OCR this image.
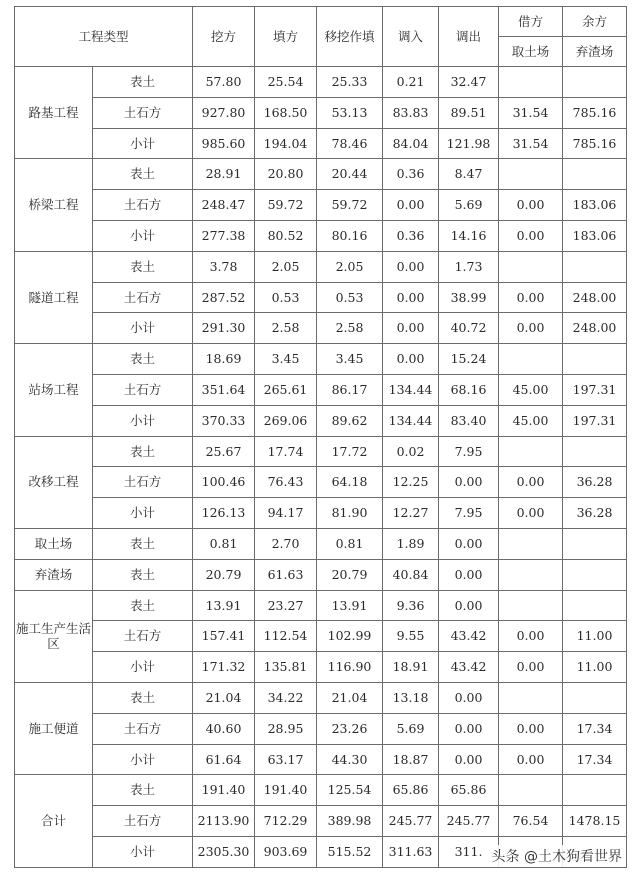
工程类型		挖方	填方	移挖作填	调入	调出	借方	余方
							取土场	弃渣场
路基工程	表土	57.80	25.54	25.33	0.21	32.47		
	土石方	927.80	168.50	53.13	83.83	89.51	31.54	785.16
	小计	985.60	194.04	78.46	84.04	121.98	31.54	785.16
桥梁工程	表土	28.91	20.80	20.44	0.36	8.47		
	土石方	248.47	59.72	59.72	0.00	5.69	0.00	183.06
	小计	277.38	80.52	80.16	0.36	14.16	0.00	183.06
隧道工程	表土	3.78	2.05	2.05	0.00	1.73		
	土石方	287.52	0.53	0.53	0.00	38.99	0.00	248.00
	小计	291.30	2.58	2.58	0.00	40.72	0.00	248.00
站场工程	表土	18.69	3.45	3.45	0.00	15.24		
	土石方	351.64	265.61	86.17	134.44	68.16	45.00	197.31
	小计	370.33	269.06	89.62	134.44	83.40	45.00	197.31
改移工程	表土	25.67	17.74	17.72	0.02	7.95		
	土石方	100.46	76.43	64.18	12.25	0.00	0.00	36.28
	小计	126.13	94.17	81.90	12.27	7.95	0.00	36.28
取土场	表土	0.81	2.70	0.81	1.89	0.00		
弃渣场	表土	20.79	61.63	20.79	40.84	0.00		
施工生产生活区	表土	13.91	23.27	13.91	9.36	0.00		
	土石方	157.41	112.54	102.99	9.55	43.42	0.00	11.00
	小计	171.32	135.81	116.90	18.91	43.42	0.00	11.00
施工便道	表土	21.04	34.22	21.04	13.18	0.00		
	土石方	40.60	28.95	23.26	5.69	0.00	0.00	17.34
	小计	61.64	63.17	44.30	18.87	0.00	0.00	17.34
合计	表土	191.40	191.40	125.54	65.86	65.86		
	土石方	2113.90	712.29	389.98	245.77	245.77	76.54	1478.15
	小计	2305.30	903.69	515.52	311.63	311.		头条 @土木狗看世界
